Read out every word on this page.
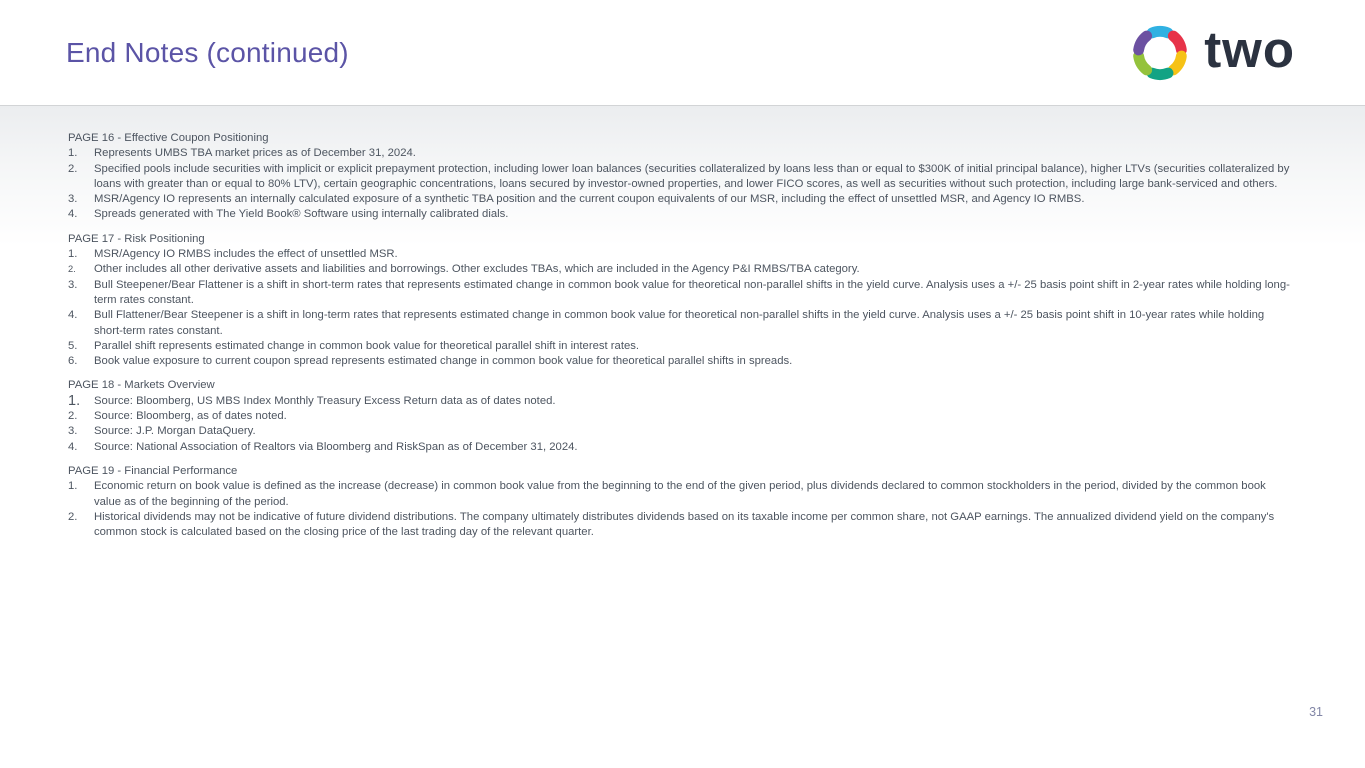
End Notes (continued)	two
PAGE 16 - Effective Coupon Positioning
1.	Represents UMBS TBA market prices as of December 31, 2024.
2.	Specified pools include securities with implicit or explicit prepayment protection, including lower loan balances (securities collateralized by loans less than or equal to $300K of initial principal balance), higher LTVs (securities collateralized by loans with greater than or equal to 80% LTV), certain geographic concentrations, loans secured by investor-owned properties, and lower FICO scores, as well as securities without such protection, including large bank-serviced and others.
3.	MSR/Agency IO represents an internally calculated exposure of a synthetic TBA position and the current coupon equivalents of our MSR, including the effect of unsettled MSR, and Agency IO RMBS.
4.	Spreads generated with The Yield Book® Software using internally calibrated dials.
PAGE 17 - Risk Positioning
1.	MSR/Agency IO RMBS includes the effect of unsettled MSR.
2.	Other includes all other derivative assets and liabilities and borrowings. Other excludes TBAs, which are included in the Agency P&I RMBS/TBA category.
3.	Bull Steepener/Bear Flattener is a shift in short-term rates that represents estimated change in common book value for theoretical non-parallel shifts in the yield curve. Analysis uses a +/- 25 basis point shift in 2-year rates while holding long-term rates constant.
4.	Bull Flattener/Bear Steepener is a shift in long-term rates that represents estimated change in common book value for theoretical non-parallel shifts in the yield curve. Analysis uses a +/- 25 basis point shift in 10-year rates while holding short-term rates constant.
5.	Parallel shift represents estimated change in common book value for theoretical parallel shift in interest rates.
6.	Book value exposure to current coupon spread represents estimated change in common book value for theoretical parallel shifts in spreads.
PAGE 18 - Markets Overview
1.	Source: Bloomberg, US MBS Index Monthly Treasury Excess Return data as of dates noted.
2.	Source: Bloomberg, as of dates noted.
3.	Source: J.P. Morgan DataQuery.
4.	Source: National Association of Realtors via Bloomberg and RiskSpan as of December 31, 2024.
PAGE 19 - Financial Performance
1.	Economic return on book value is defined as the increase (decrease) in common book value from the beginning to the end of the given period, plus dividends declared to common stockholders in the period, divided by the common book value as of the beginning of the period.
2.	Historical dividends may not be indicative of future dividend distributions. The company ultimately distributes dividends based on its taxable income per common share, not GAAP earnings. The annualized dividend yield on the company's common stock is calculated based on the closing price of the last trading day of the relevant quarter.
31
